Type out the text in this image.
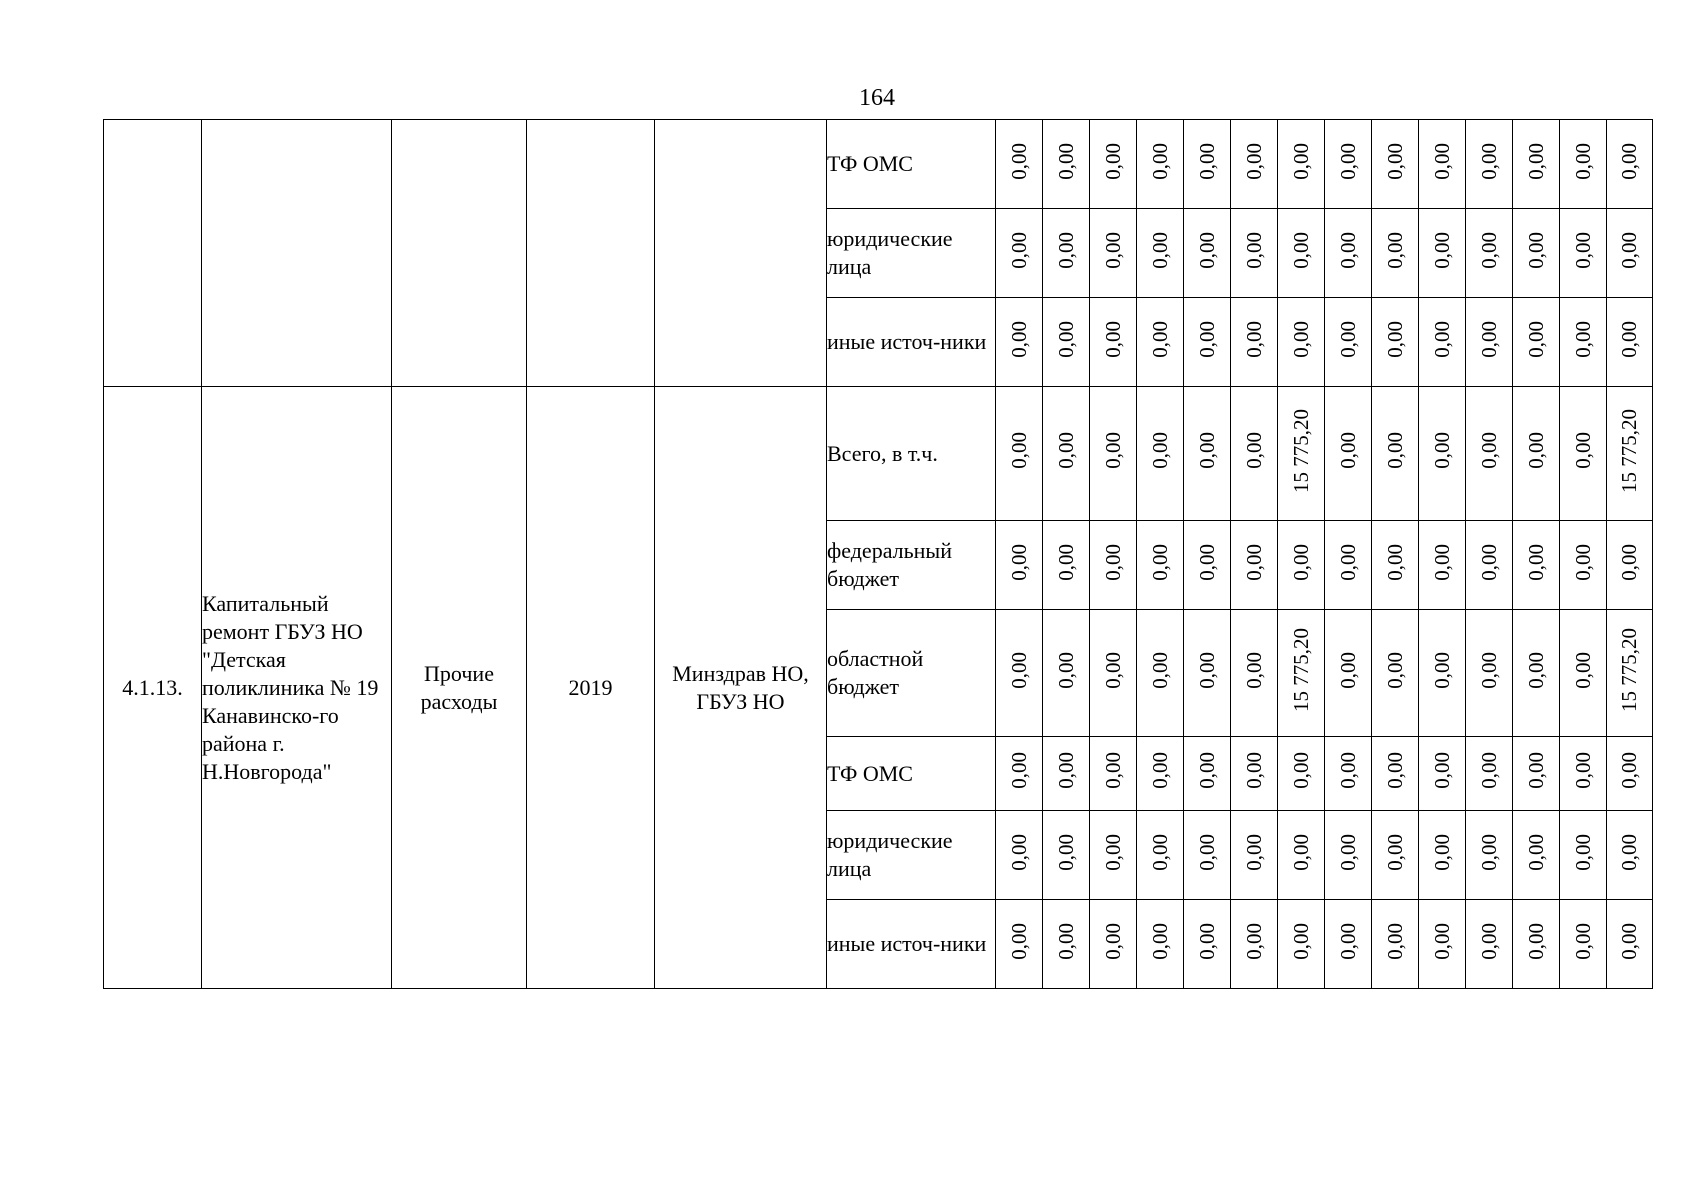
164
					ТФ ОМС	0,00	0,00	0,00	0,00	0,00	0,00	0,00	0,00	0,00	0,00	0,00	0,00	0,00	0,00
					юридические лица	0,00	0,00	0,00	0,00	0,00	0,00	0,00	0,00	0,00	0,00	0,00	0,00	0,00	0,00
					иные источ-ники	0,00	0,00	0,00	0,00	0,00	0,00	0,00	0,00	0,00	0,00	0,00	0,00	0,00	0,00
4.1.13.	Капитальный ремонт ГБУЗ НО "Детская поликлиника № 19 Канавинско-го района г. Н.Новгорода"	Прочие расходы	2019	Минздрав НО, ГБУЗ НО	Всего, в т.ч.	0,00	0,00	0,00	0,00	0,00	0,00	15 775,20	0,00	0,00	0,00	0,00	0,00	0,00	15 775,20
					федеральный бюджет	0,00	0,00	0,00	0,00	0,00	0,00	0,00	0,00	0,00	0,00	0,00	0,00	0,00	0,00
					областной бюджет	0,00	0,00	0,00	0,00	0,00	0,00	15 775,20	0,00	0,00	0,00	0,00	0,00	0,00	15 775,20
					ТФ ОМС	0,00	0,00	0,00	0,00	0,00	0,00	0,00	0,00	0,00	0,00	0,00	0,00	0,00	0,00
					юридические лица	0,00	0,00	0,00	0,00	0,00	0,00	0,00	0,00	0,00	0,00	0,00	0,00	0,00	0,00
					иные источ-ники	0,00	0,00	0,00	0,00	0,00	0,00	0,00	0,00	0,00	0,00	0,00	0,00	0,00	0,00
